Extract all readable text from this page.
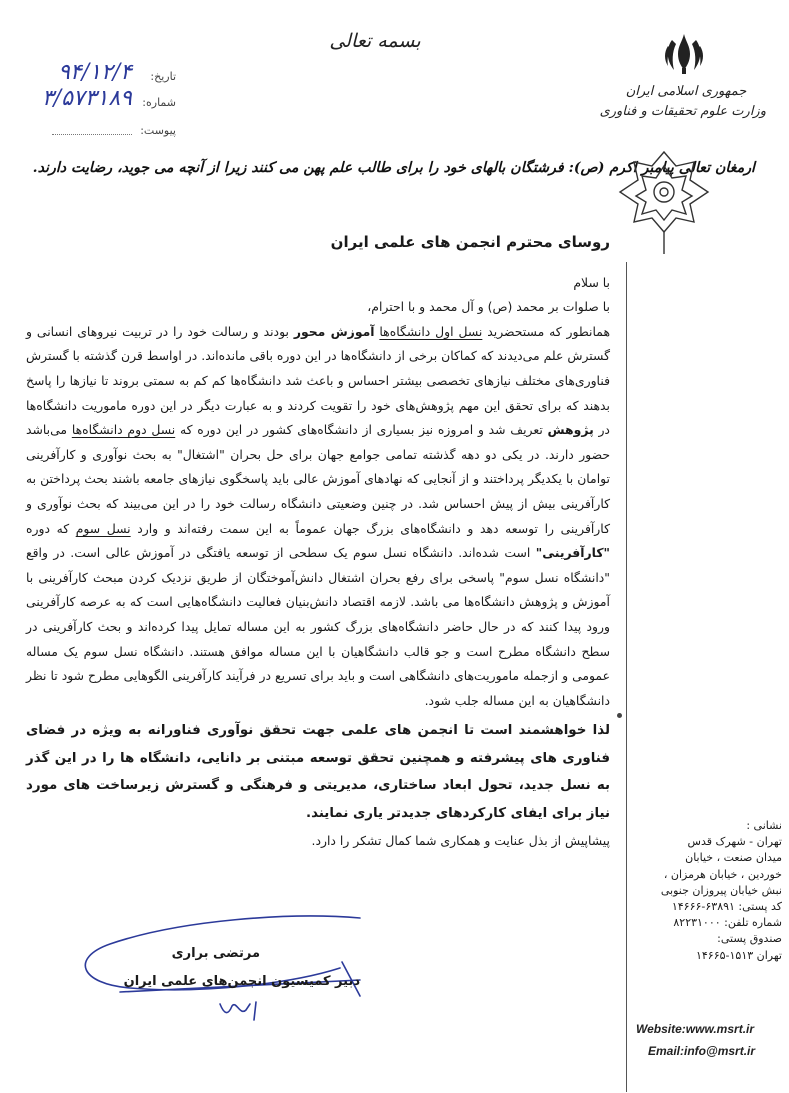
بسمه تعالی
جمهوری اسلامی ایران
وزارت علوم تحقیقات و فناوری
تاریخ:
۹۴/۱۲/۴
شماره:
۳/۵۷۳۱۸۹
پیوست:
ارمغان تعالی پیامبر اکرم (ص): فرشتگان بالهای خود را برای طالب علم پهن می کنند زیرا از آنچه می جوید، رضایت دارند.
روسای محترم انجمن های علمی ایران
با سلام
با صلوات بر محمد (ص) و آل محمد و با احترام،
همانطور که مستحضرید نسل اول دانشگاه‌ها آموزش محور بودند و رسالت خود را در تربیت نیروهای انسانی و گسترش علم می‌دیدند که کماکان برخی از دانشگاه‌ها در این دوره باقی مانده‌اند. در اواسط قرن گذشته با گسترش فناوری‌های مختلف نیازهای تخصصی بیشتر احساس و باعث شد دانشگاه‌ها کم کم به سمتی بروند تا نیازها را پاسخ بدهند که برای تحقق این مهم پژوهش‌های خود را تقویت کردند و به عبارت دیگر در این دوره ماموریت دانشگاه‌ها در پژوهش تعریف شد و امروزه نیز بسیاری از دانشگاه‌های کشور در این دوره که نسل دوم دانشگاه‌ها می‌باشد حضور دارند. در یکی دو دهه گذشته تمامی جوامع جهان برای حل بحران "اشتغال" به بحث نوآوری و کارآفرینی توامان با یکدیگر پرداختند و از آنجایی که نهادهای آموزش عالی باید پاسخگوی نیازهای جامعه باشند بحث پرداختن به کارآفرینی بیش از پیش احساس شد. در چنین وضعیتی دانشگاه رسالت خود را در این می‌بیند که بحث نوآوری و کارآفرینی را توسعه دهد و دانشگاه‌های بزرگ جهان عموماً به این سمت رفته‌اند و وارد نسل سوم که دوره "کارآفرینی" است شده‌اند. دانشگاه نسل سوم یک سطحی از توسعه یافتگی در آموزش عالی است. در واقع "دانشگاه نسل سوم" پاسخی برای رفع بحران اشتغال دانش‌آموختگان از طریق نزدیک کردن مبحث کارآفرینی با آموزش و پژوهش دانشگاه‌ها می باشد. لازمه اقتصاد دانش‌بنیان فعالیت دانشگاه‌هایی است که به عرصه کارآفرینی ورود پیدا کنند که در حال حاضر دانشگاه‌های بزرگ کشور به این مساله تمایل پیدا کرده‌اند و بحث کارآفرینی در سطح دانشگاه مطرح است و جو قالب دانشگاهیان با این مساله موافق هستند. دانشگاه نسل سوم یک مساله عمومی و ازجمله ماموریت‌های دانشگاهی است و باید برای تسریع در فرآیند کارآفرینی الگوهایی مطرح شود تا نظر دانشگاهیان به این مساله جلب شود.
لذا خواهشمند است تا انجمن های علمی جهت تحقق نوآوری فناورانه به ویژه در فضای فناوری های پیشرفته و همچنین تحقق توسعه مبتنی بر دانایی، دانشگاه ها را در این گذر به نسل جدید، تحول ابعاد ساختاری، مدیریتی و فرهنگی و گسترش زیرساخت های مورد نیاز برای ایفای کارکردهای جدیدتر یاری نمایند.
پیشاپیش از بذل عنایت و همکاری شما کمال تشکر را دارد.
مرتضی براری
دبیر کمیسیون انجمن‌های علمی ایران
نشانی :
تهران - شهرک قدس
میدان صنعت ، خیابان
خوردین ، خیابان هرمزان ،
نبش خیابان پیروزان جنوبی
کد پستی: ۶۳۸۹۱-۱۴۶۶۶
شماره تلفن: ۸۲۲۳۱۰۰۰
صندوق پستی:
تهران ۱۵۱۳-۱۴۶۶۵
Website:www.msrt.ir
Email:info@msrt.ir
